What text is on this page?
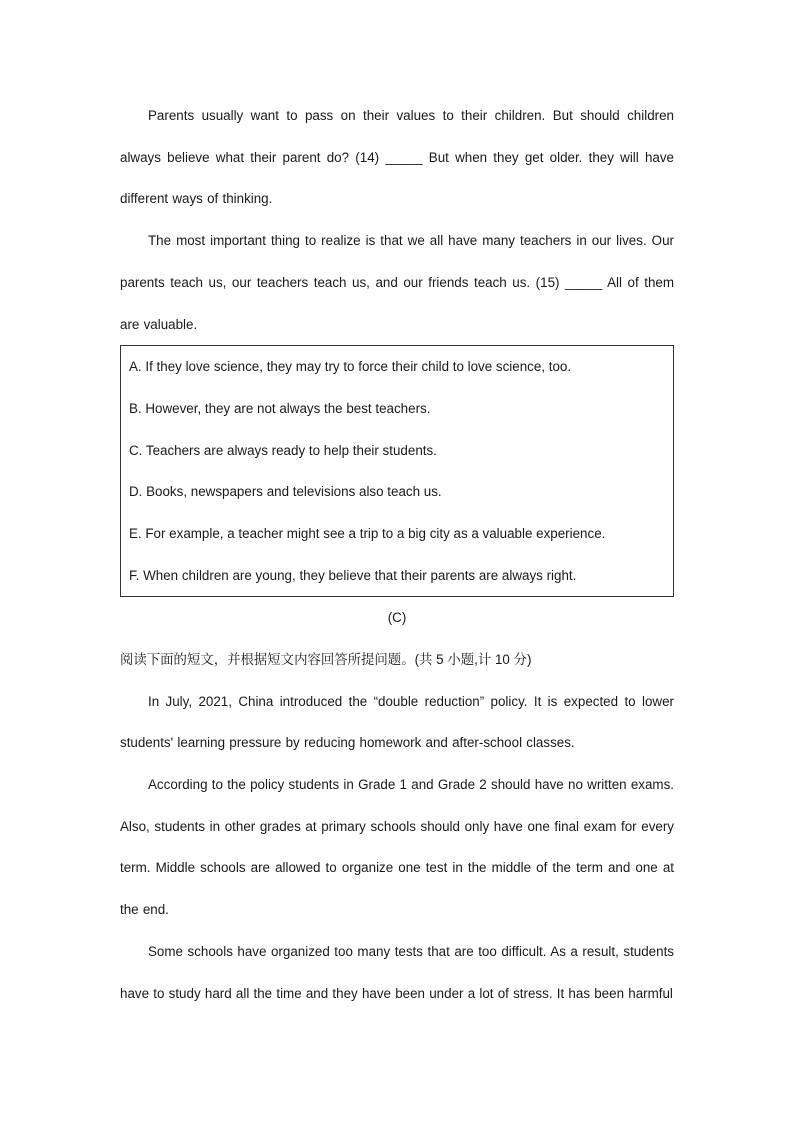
Parents usually want to pass on their values to their children. But should children always believe what their parent do? (14) _____ But when they get older. they will have different ways of thinking.

The most important thing to realize is that we all have many teachers in our lives. Our parents teach us, our teachers teach us, and our friends teach us. (15) _____ All of them are valuable.

A. If they love science, they may try to force their child to love science, too.
B. However, they are not always the best teachers.
C. Teachers are always ready to help their students.
D. Books, newspapers and televisions also teach us.
E. For example, a teacher might see a trip to a big city as a valuable experience.
F. When children are young, they believe that their parents are always right.
(C)
阅读下面的短文，并根据短文内容回答所提问题。(共 5 小题,计 10 分)

In July, 2021, China introduced the “double reduction” policy. It is expected to lower students' learning pressure by reducing homework and after-school classes.

According to the policy students in Grade 1 and Grade 2 should have no written exams. Also, students in other grades at primary schools should only have one final exam for every term. Middle schools are allowed to organize one test in the middle of the term and one at the end.

Some schools have organized too many tests that are too difficult. As a result, students have to study hard all the time and they have been under a lot of stress. It has been harmful
